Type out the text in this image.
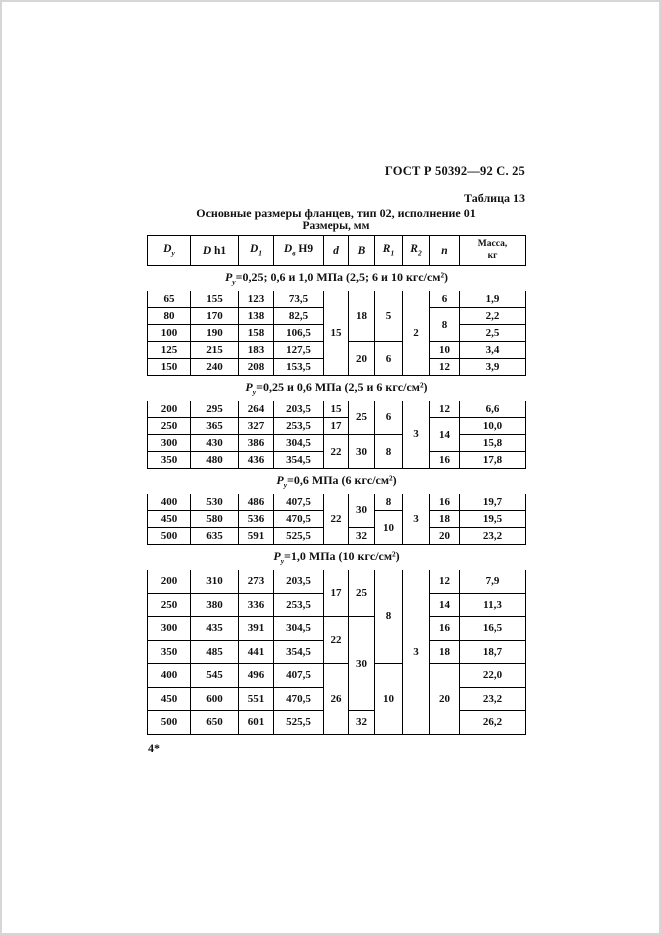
ГОСТ Р 50392—92 С. 25
Таблица 13
Основные размеры фланцев, тип 02, исполнение 01
Размеры, мм
$D_у$	D h1	$D_1$	$D_в$ H9	d	B	$R_1$	$R_2$	n	Масса,
кг

$P_у=0,25$; 0,6 и 1,0 МПа (2,5; 6 и 10 кгс/см²)									
65	155	123	73,5	15	18	5	2	6	1,9
80	170	138	82,5					8	2,2
100	190	158	106,5						2,5
125	215	183	127,5		20	6		10	3,4
150	240	208	153,5					12	3,9
$P_у=0,25$ и 0,6 МПа (2,5 и 6 кгс/см²)									
200	295	264	203,5	15	25	6	3	12	6,6
250	365	327	253,5	17				14	10,0
300	430	386	304,5	22	30	8			15,8
350	480	436	354,5					16	17,8
$P_у=0,6$ МПа (6 кгс/см²)									
400	530	486	407,5	22	30	8	3	16	19,7
450	580	536	470,5			10		18	19,5
500	635	591	525,5		32			20	23,2
$P_у=1,0$ МПа (10 кгс/см²)									
200	310	273	203,5	17	25	8	3	12	7,9
250	380	336	253,5					14	11,3
300	435	391	304,5	22	30			16	16,5
350	485	441	354,5					18	18,7
400	545	496	407,5	26		10		20	22,0
450	600	551	470,5						23,2
500	650	601	525,5		32				26,2
4*
